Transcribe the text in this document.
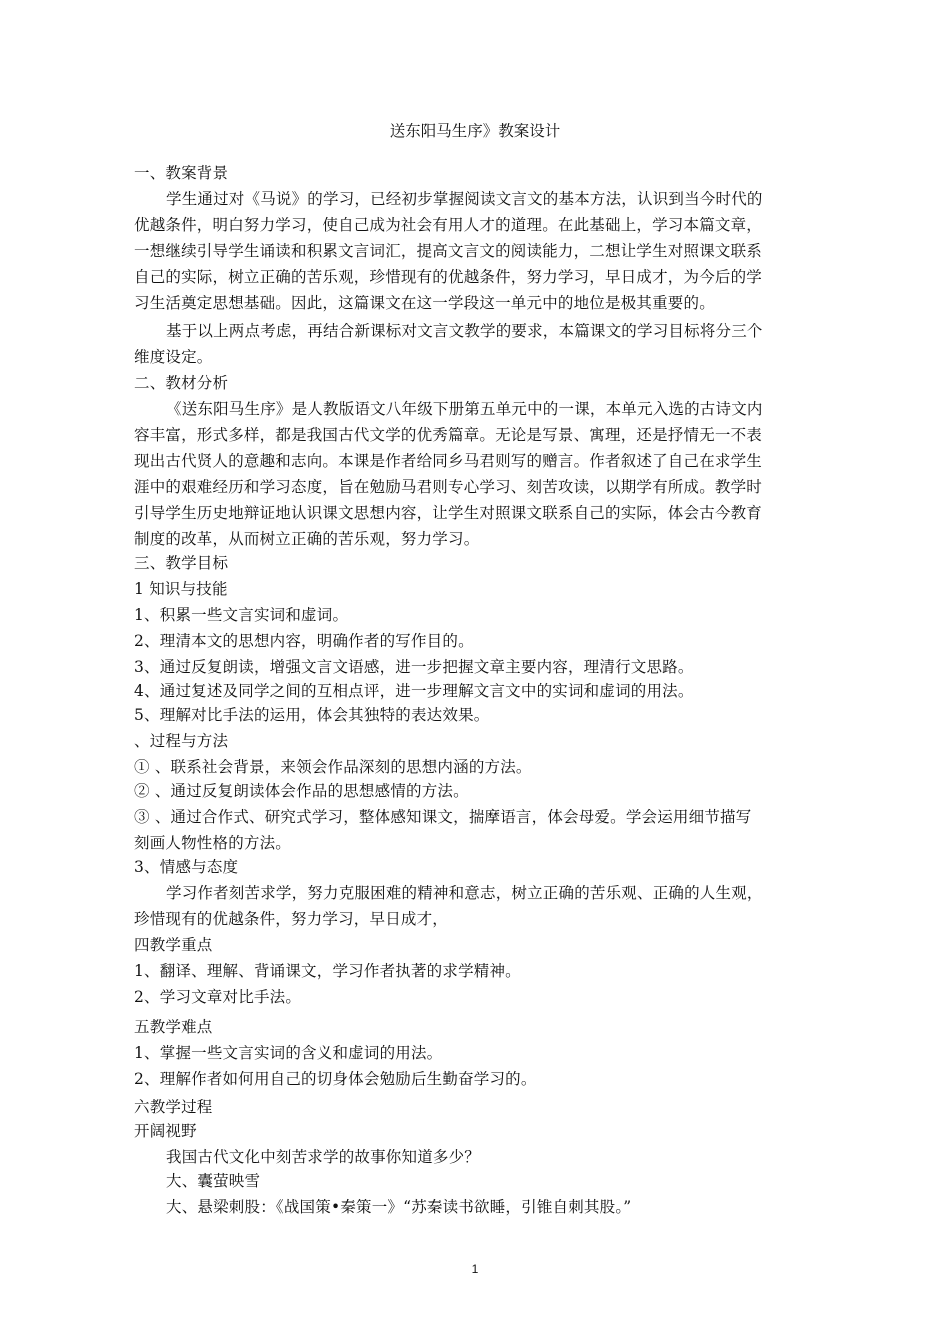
送东阳马生序》教案设计
一、教案背景
学生通过对《马说》的学习，已经初步掌握阅读文言文的基本方法，认识到当今时代的
优越条件，明白努力学习，使自己成为社会有用人才的道理。在此基础上，学习本篇文章，
一想继续引导学生诵读和积累文言词汇，提高文言文的阅读能力，二想让学生对照课文联系
自己的实际，树立正确的苦乐观，珍惜现有的优越条件，努力学习，早日成才，为今后的学
习生活奠定思想基础。因此，这篇课文在这一学段这一单元中的地位是极其重要的。
基于以上两点考虑，再结合新课标对文言文教学的要求，本篇课文的学习目标将分三个
维度设定。
二、教材分析
《送东阳马生序》是人教版语文八年级下册第五单元中的一课，本单元入选的古诗文内
容丰富，形式多样，都是我国古代文学的优秀篇章。无论是写景、寓理，还是抒情无一不表
现出古代贤人的意趣和志向。本课是作者给同乡马君则写的赠言。作者叙述了自己在求学生
涯中的艰难经历和学习态度，旨在勉励马君则专心学习、刻苦攻读，以期学有所成。教学时
引导学生历史地辩证地认识课文思想内容，让学生对照课文联系自己的实际，体会古今教育
制度的改革，从而树立正确的苦乐观，努力学习。
三、教学目标
1 知识与技能
1、积累一些文言实词和虚词。
2、理清本文的思想内容，明确作者的写作目的。
3、通过反复朗读，增强文言文语感，进一步把握文章主要内容，理清行文思路。
4、通过复述及同学之间的互相点评，进一步理解文言文中的实词和虚词的用法。
5、理解对比手法的运用，体会其独特的表达效果。
、过程与方法
① 、联系社会背景，来领会作品深刻的思想内涵的方法。
② 、通过反复朗读体会作品的思想感情的方法。
③ 、通过合作式、研究式学习，整体感知课文，揣摩语言，体会母爱。学会运用细节描写
刻画人物性格的方法。
3、情感与态度
学习作者刻苦求学，努力克服困难的精神和意志，树立正确的苦乐观、正确的人生观，
珍惜现有的优越条件，努力学习，早日成才，
四教学重点
1、翻译、理解、背诵课文，学习作者执著的求学精神。
2、学习文章对比手法。
五教学难点
1、掌握一些文言实词的含义和虚词的用法。
2、理解作者如何用自己的切身体会勉励后生勤奋学习的。
六教学过程
开阔视野
我国古代文化中刻苦求学的故事你知道多少？
大、囊萤映雪
大、悬梁刺股：《战国策•秦策一》“苏秦读书欲睡，引锥自刺其股。”
1
